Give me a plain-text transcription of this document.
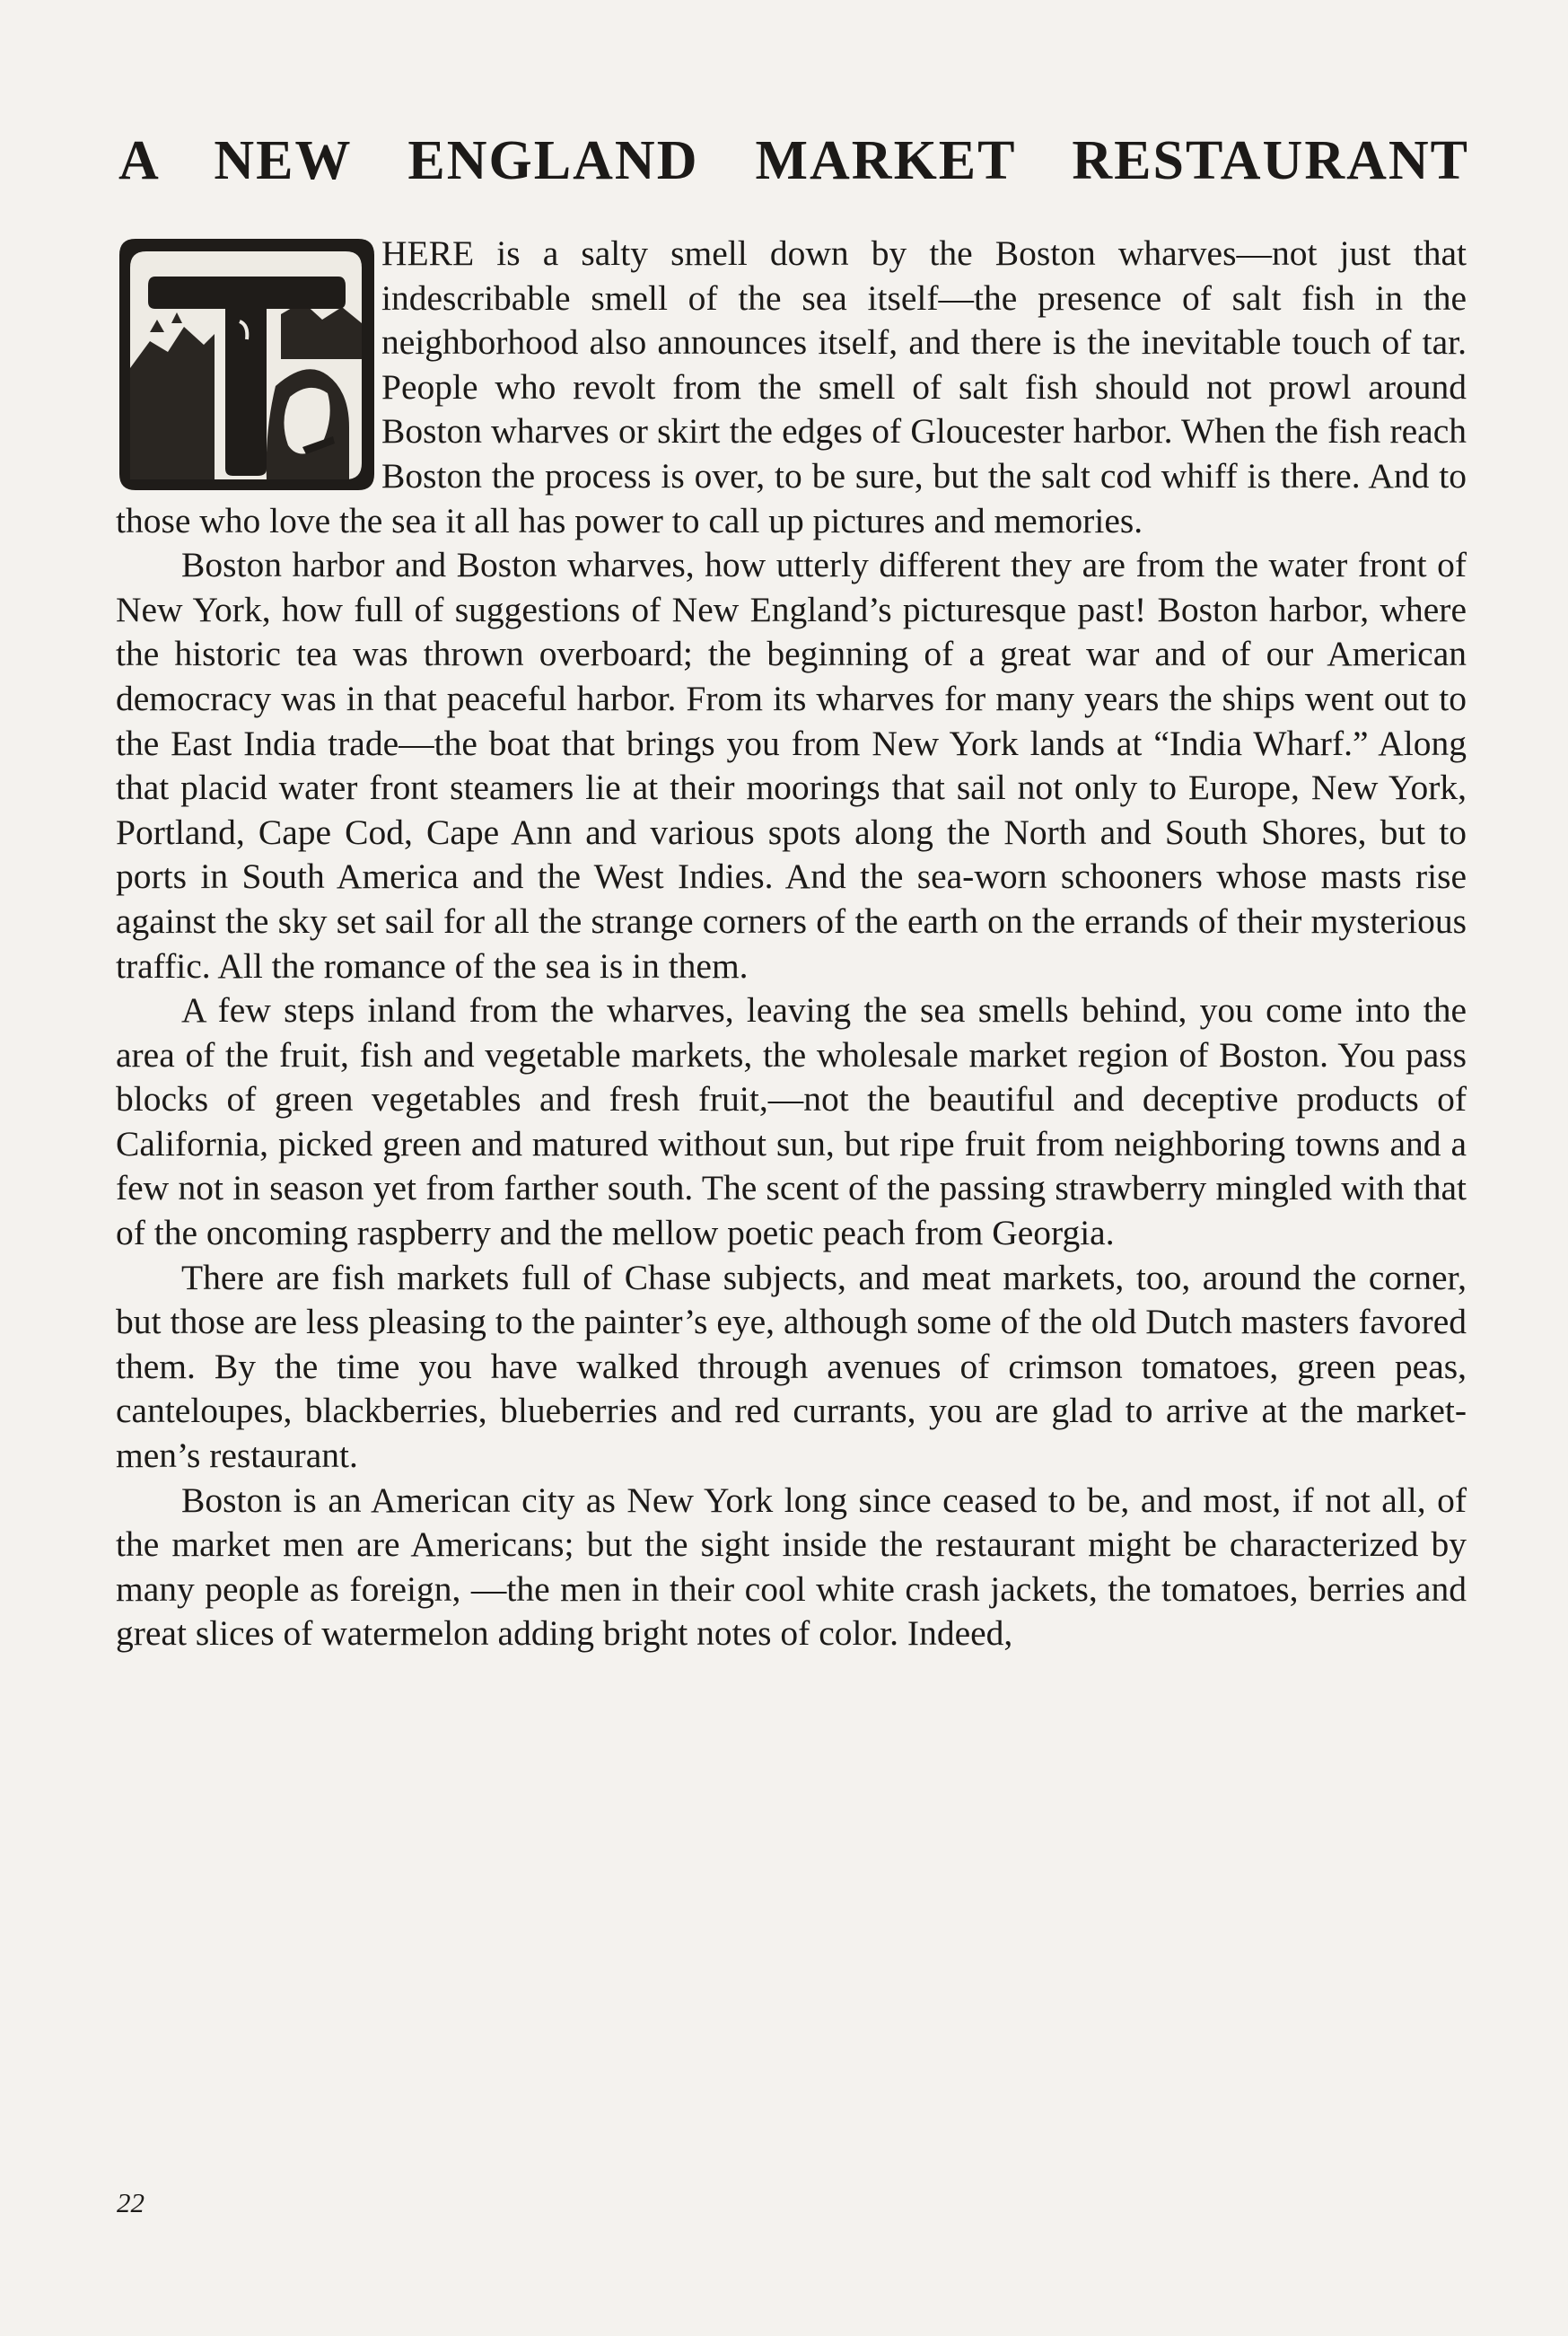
A NEW ENGLAND MARKET RESTAURANT

HERE is a salty smell down by the Boston wharves—not just that indescribable smell of the sea itself—the presence of salt fish in the neighborhood also announces itself, and there is the inevitable touch of tar. People who revolt from the smell of salt fish should not prowl around Boston wharves or skirt the edges of Gloucester harbor. When the fish reach Boston the process is over, to be sure, but the salt cod whiff is there. And to those who love the sea it all has power to call up pictures and memories.

Boston harbor and Boston wharves, how utterly different they are from the water front of New York, how full of suggestions of New England’s picturesque past! Boston harbor, where the historic tea was thrown overboard; the beginning of a great war and of our American democracy was in that peaceful harbor. From its wharves for many years the ships went out to the East India trade—the boat that brings you from New York lands at “India Wharf.” Along that placid water front steamers lie at their moorings that sail not only to Europe, New York, Portland, Cape Cod, Cape Ann and various spots along the North and South Shores, but to ports in South America and the West Indies. And the sea-worn schooners whose masts rise against the sky set sail for all the strange corners of the earth on the errands of their mysterious traffic. All the romance of the sea is in them.

A few steps inland from the wharves, leaving the sea smells behind, you come into the area of the fruit, fish and vegetable markets, the wholesale market region of Boston. You pass blocks of green vegetables and fresh fruit,—not the beautiful and deceptive products of California, picked green and matured without sun, but ripe fruit from neighboring towns and a few not in season yet from farther south. The scent of the passing strawberry mingled with that of the oncoming raspberry and the mellow poetic peach from Georgia.

There are fish markets full of Chase subjects, and meat markets, too, around the corner, but those are less pleasing to the painter’s eye, although some of the old Dutch masters favored them. By the time you have walked through avenues of crimson tomatoes, green peas, canteloupes, blackberries, blueberries and red currants, you are glad to arrive at the market-men’s restaurant.

Boston is an American city as New York long since ceased to be, and most, if not all, of the market men are Americans; but the sight inside the restaurant might be characterized by many people as foreign, —the men in their cool white crash jackets, the tomatoes, berries and great slices of watermelon adding bright notes of color. Indeed,

22
